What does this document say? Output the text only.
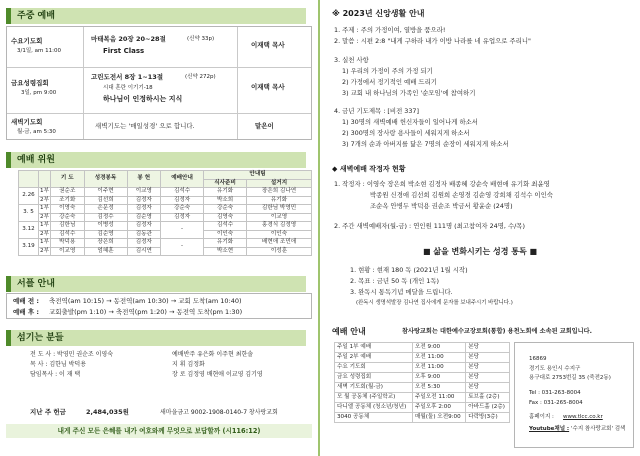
주중 예배
수요기도회
3/1일, am 11:00
마태복음 20장 20~28절	(신약 33p)
First Class
이재택 목사
금요성령집회
3일, pm 9:00
고린도전서 8장 1~13절	(신약 272p)
시대 혼란 이기기-18
하나님이 인정하시는 지식
이재택 목사
새벽기도회
월-금, am 5:30
새벽기도는 '매일성경' 으로 합니다.	맡은이
예배 위원
		기 도	성경봉독	봉 헌	예배안내	안내팀	
						식사준비	설거지
2.26	1부	권순조	이주현	이교영	김석수	유기화	장은희 김나연
	2부	조기화	김선희	김정자	김정자	박소희	유기화
3. 5	1부	이영숙	손문정	김정자	강순숙	강순숙	김한님 박영민
	2부	강순숙	김정수	김순영	김정자	김영숙	이교영
3.12	1부	김한님	이병성	김정자	-	김석수	홍경식 김정영
	2부	김석수	김순영	김동관		이인숙	이인숙
3.19	1부	박덕용	장은희	김정자	-	유기화	배현애 조민애
	2부	이교영	엄혜훈	김시연		박소현	이성훈
서플 안내
예배 전 : 축전역(am 10:15) → 동전역(am 10:30) → 교회 도착(am 10:40)
예배 후 : 교회출발(pm 1:10) → 축전역(pm 1:20) → 동전역 도착(pm 1:30)
섬기는 분들
전 도 사 : 박영민 권순조 이영숙	예배반주 유은화 이주현 최한솔
목 사 : 김한님 박덕용	지 휘 김정화
담임목사 : 이 재 택	장 로 김정영 배현애 이교영 김기영
지난 주 헌금	2,484,035원	새마을금고 9002-1908-0140-7 창사랑교회
내게 주신 모든 은혜를 내가 여호와께 무엇으로 보답할까 (시116:12)
※ 2023년 신앙생활 안내
1. 주제 : 주의 가정이여, 열방을 품으라!
2. 말씀 : 시편 2:8 "내게 구하라 내가 이방 나라를 네 유업으로 주리니"
3. 실천 사항
1) 우리의 가정이 주의 가정 되기
2) 가정에서 정기적인 예배 드리기
3) 교회 내 하나님의 가족인 '순모임'에 참여하기
4. 금년 기도제목 : [비전 337]
1) 30명의 새벽예배 헌신자들이 일어나게 하소서
2) 300명의 장사랑 용사들이 세워지게 하소서
3) 7개의 순과 아버지를 닮은 7명의 순장이 세워지게 하소서
◆ 새벽예배 작정자 현황
1. 작정자 : 이영숙 장은희 박소현 김정자 배종혜 강순숙 배현애 유기화 최윤영
박종원 신경애 김선희 김원희 손영경 김순영 강희채 김석수 이인숙
조순옥 안병두 박덕용 권순조 박금서 황윤순 (24명)
2. 주간 새벽예배자(월-금) : 연인원 111명 (최고참여자 24명, 수/목)
■ 삶을 변화시키는 성경 통독 ■
1. 현황 : 현재 180 독 (2021년 1월 시작)
2. 목표 : 금년 50 독 (개인 1독)
3. 완독시 통독기념 메달을 드립니다.
(완독시 생명석발장 김나연 집사에게 문자를 보내주시기 바랍니다.)
예배 안내	참사랑교회는 대한예수교장로회(통합) 용천노회에 소속된 교회입니다.
주일 1부 예배	오전 9:00	본당
주일 2부 예배	오전 11:00	본당
수요 기도회	오전 11:00	본당
금요 성령집회	오후 9:00	본당
새벽 기도회(월-금)	오전 5:30	본당
모 월 공동체 (주일학교)	주일오전 11:00	토브홀 (2층)
다니엘 공동체 (청소년/청년)	주일오후 2:00	아바드홀 (2층)
3040 공동체	매월(둘) 오전9:00	다락방(3층)
16869
경기도 용인시 수지구
용구대로 2753번길 35 (죽전2동)
Tel : 031-263-8004
Fax : 031-265-8004
홈페이지 : www.tlcc.co.kr
Youtube채널 : '수지 참사랑교회' 검색
